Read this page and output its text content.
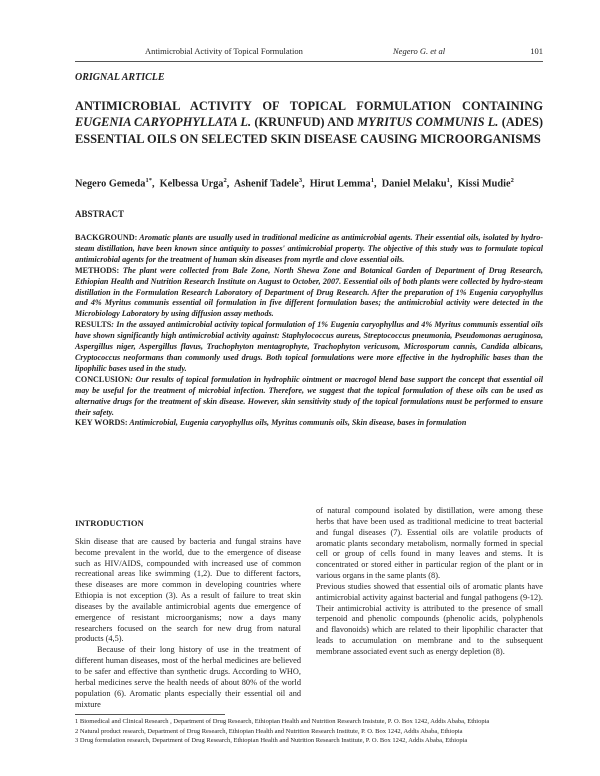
Antimicrobial Activity of Topical Formulation	Negero G. et al	101
ORIGNAL ARTICLE
ANTIMICROBIAL ACTIVITY OF TOPICAL FORMULATION CONTAINING EUGENIA CARYOPHYLLATA L. (KRUNFUD) AND MYRITUS COMMUNIS L. (ADES) ESSENTIAL OILS ON SELECTED SKIN DISEASE CAUSING MICROORGANISMS
Negero Gemeda$^{1*}$,  Kelbessa Urga$^2$,  Ashenif Tadele$^3$,  Hirut Lemma$^1$,  Daniel Melaku$^1$,  Kissi Mudie$^2$
ABSTRACT

BACKGROUND: Aromatic plants are usually used in traditional medicine as antimicrobial agents. Their essential oils, isolated by hydro-steam distillation, have been known since antiquity to posses' antimicrobial property. The objective of this study was to formulate topical antimicrobial agents for the treatment of human skin diseases from myrtle and clove essential oils.

METHODS: The plant were collected from Bale Zone, North Shewa Zone and Botanical Garden of Department of Drug Research, Ethiopian Health and Nutrition Research Institute on August to October, 2007. Eessential oils of both plants were collected by hydro-steam distillation in the Formulation Research Laboratory of Department of Drug Research. After the preparation of 1% Eugenia caryophyllus and 4% Myritus communis essential oil formulation in five different formulation bases; the antimicrobial activity were detected in the Microbiology Laboratory by using diffusion assay methods.

RESULTS: In the assayed antimicrobial activity topical formulation of 1% Eugenia caryophyllus and 4% Myritus communis essential oils have shown significantly high antimicrobial activity against: Staphylococcus aureus, Streptococcus pneumonia, Pseudomonas aeruginosa, Aspergillus niger, Aspergillus flavus, Trachophyton mentagrophyte, Trachophyton vericusom, Microsporum cannis, Candida albicans, Cryptococcus neoformans than commonly used drugs. Both topical formulations were more effective in the hydrophilic bases than the lipophilic bases used in the study.

CONCLUSION: Our results of topical formulation in hydrophiic ointment or macrogol blend base support the concept that essential oil may be useful for the treatment of microbial infection. Therefore, we suggest that the topical formulation of these oils can be used as alternative drugs for the treatment of skin disease. However, skin sensitivity study of the topical formulations must be performed to ensure their safety.

KEY WORDS: Antimicrobial, Eugenia caryophyllus oils, Myritus communis oils, Skin disease, bases in formulation

INTRODUCTION

Skin disease that are caused by bacteria and fungal strains have become prevalent in the world, due to the emergence of disease such as HIV/AIDS, compounded with increased use of common recreational areas like swimming (1,2). Due to different factors, these diseases are more common in developing countries where Ethiopia is not exception (3). As a result of failure to treat skin diseases by the available antimicrobial agents due emergence of emergence of resistant microorganisms; now a days many researchers focused on the search for new drug from natural products (4,5).

Because of their long history of use in the treatment of different human diseases, most of the herbal medicines are believed to be safer and effective than synthetic drugs. According to WHO, herbal medicines serve the health needs of about 80% of the world population (6). Aromatic plants especially their essential oil and mixture

of natural compound isolated by distillation, were among these herbs that have been used as traditional medicine to treat bacterial and fungal diseases (7). Essential oils are volatile products of aromatic plants secondary metabolism, normally formed in special cell or group of cells found in many leaves and stems. It is concentrated or stored either in particular region of the plant or in various organs in the same plants (8).

Previous studies showed that essential oils of aromatic plants have antimicrobial activity against bacterial and fungal pathogens (9-12). Their antimicrobial activity is attributed to the presence of small terpenoid and phenolic compounds (phenolic acids, polyphenols and flavonoids) which are related to their lipophilic character that leads to accumulation on membrane and to the subsequent membrane associated event such as energy depletion (8).

1 Biomedical and Clinical Research , Department of Drug Research, Ethiopian Health and Nutrition Research Insistute, P. O. Box 1242, Addis Ababa, Ethiopia

2 Natural product research, Department of Drug Research, Ethiopian Health and Nutrition Research Institute, P. O. Box 1242, Addis Ababa, Ethiopia

3 Drug formulation research, Department of Drug Research, Ethiopian Health and Nutrition Research Institute, P. O. Box 1242, Addis Ababa, Ethiopia
